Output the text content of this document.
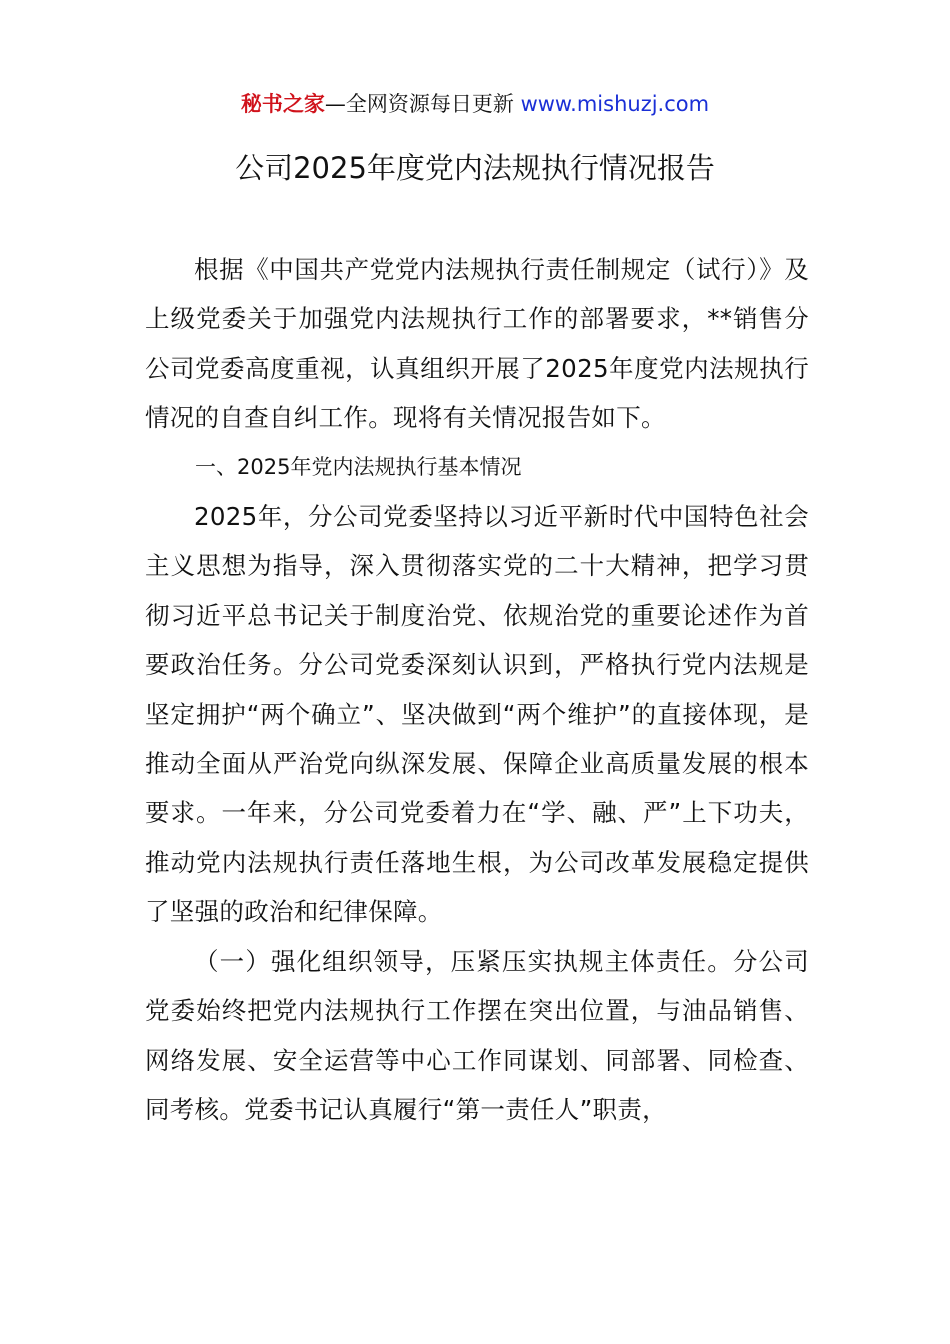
秘书之家—全网资源每日更新 www.mishuzj.com
公司2025年度党内法规执行情况报告

根据《中国共产党党内法规执行责任制规定（试行）》及上级党委关于加强党内法规执行工作的部署要求，**销售分公司党委高度重视，认真组织开展了2025年度党内法规执行情况的自查自纠工作。现将有关情况报告如下。

一、2025年党内法规执行基本情况

2025年，分公司党委坚持以习近平新时代中国特色社会主义思想为指导，深入贯彻落实党的二十大精神，把学习贯彻习近平总书记关于制度治党、依规治党的重要论述作为首要政治任务。分公司党委深刻认识到，严格执行党内法规是坚定拥护“两个确立”、坚决做到“两个维护”的直接体现，是推动全面从严治党向纵深发展、保障企业高质量发展的根本要求。一年来，分公司党委着力在“学、融、严”上下功夫，推动党内法规执行责任落地生根，为公司改革发展稳定提供了坚强的政治和纪律保障。

（一）强化组织领导，压紧压实执规主体责任。分公司党委始终把党内法规执行工作摆在突出位置，与油品销售、网络发展、安全运营等中心工作同谋划、同部署、同检查、同考核。党委书记认真履行“第一责任人”职责，
